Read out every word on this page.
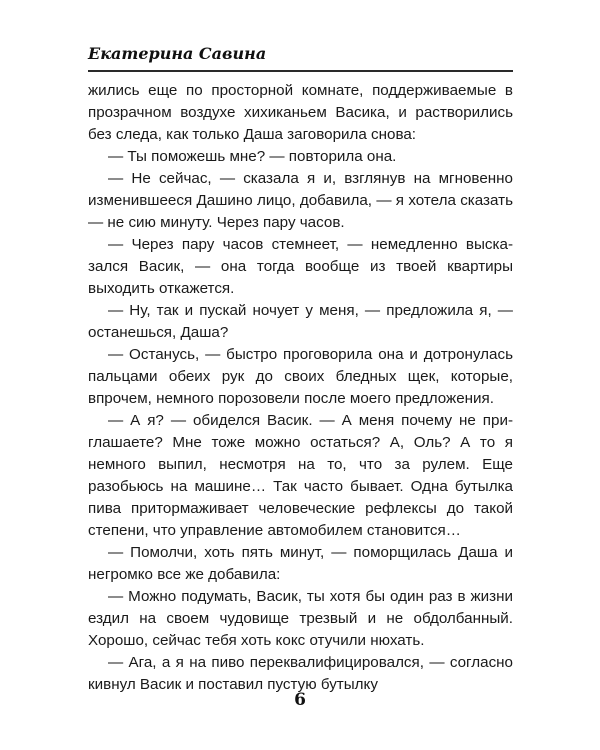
Екатерина Савина

жились еще по просторной комнате, поддерживаемые в прозрачном воздухе хихиканьем Васика, и растворились без следа, как только Даша заговорила снова:

— Ты поможешь мне? — повторила она.

— Не сейчас, — сказала я и, взглянув на мгновенно изменившееся Дашино лицо, добавила, — я хотела сказать — не сию минуту. Через пару часов.

— Через пару часов стемнеет, — немедленно высказался Васик, — она тогда вообще из твоей квартиры выходить откажется.

— Ну, так и пускай ночует у меня, — предложила я, — останешься, Даша?

— Останусь, — быстро проговорила она и дотронулась пальцами обеих рук до своих бледных щек, которые, впрочем, немного порозовели после моего предложения.

— А я? — обиделся Васик. — А меня почему не приглашаете? Мне тоже можно остаться? А, Оль? А то я немного выпил, несмотря на то, что за рулем. Еще разобьюсь на машине… Так часто бывает. Одна бутылка пива притормаживает человеческие рефлексы до такой степени, что управление автомобилем становится…

— Помолчи, хоть пять минут, — поморщилась Даша и негромко все же добавила:

— Можно подумать, Васик, ты хотя бы один раз в жизни ездил на своем чудовище трезвый и не обдолбанный. Хорошо, сейчас тебя хоть кокс отучили нюхать.

— Ага, а я на пиво переквалифицировался, — согласно кивнул Васик и поставил пустую бутылку

6
